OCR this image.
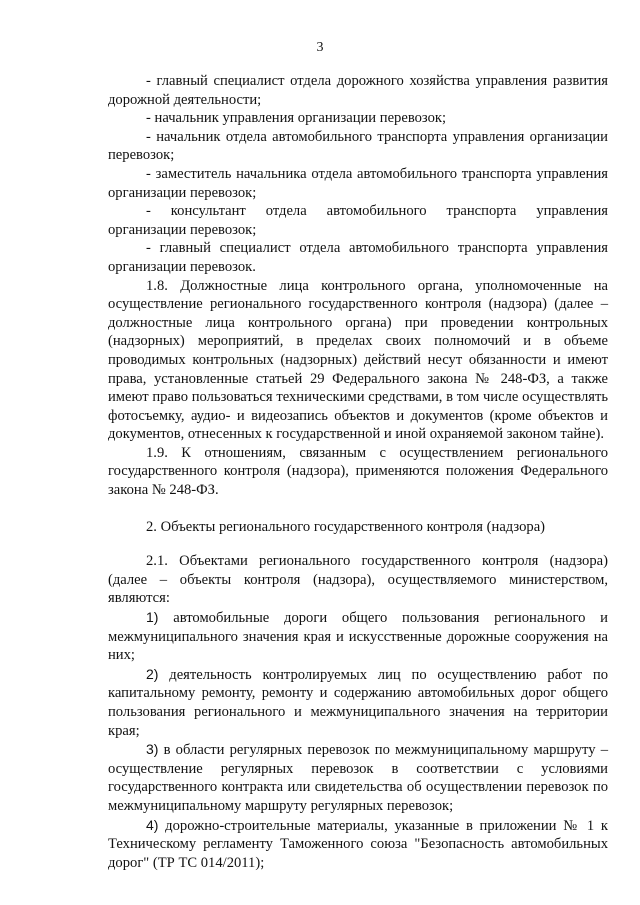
3

- главный специалист отдела дорожного хозяйства управления развития дорожной деятельности;

- начальник управления организации перевозок;

- начальник отдела автомобильного транспорта управления организации перевозок;

- заместитель начальника отдела автомобильного транспорта управления организации перевозок;

- консультант отдела автомобильного транспорта управления организации перевозок;

- главный специалист отдела автомобильного транспорта управления организации перевозок.

1.8. Должностные лица контрольного органа, уполномоченные на осуществление регионального государственного контроля (надзора) (далее – должностные лица контрольного органа) при проведении контрольных (надзорных) мероприятий, в пределах своих полномочий и в объеме проводимых контрольных (надзорных) действий несут обязанности и имеют права, установленные статьей 29 Федерального закона № 248-ФЗ, а также имеют право пользоваться техническими средствами, в том числе осуществлять фотосъемку, аудио- и видеозапись объектов и документов (кроме объектов и документов, отнесенных к государственной и иной охраняемой законом тайне).

1.9. К отношениям, связанным с осуществлением регионального государственного контроля (надзора), применяются положения Федерального закона № 248-ФЗ.

2. Объекты регионального государственного контроля (надзора)

2.1. Объектами регионального государственного контроля (надзора) (далее – объекты контроля (надзора), осуществляемого министерством, являются:

1) автомобильные дороги общего пользования регионального и межмуниципального значения края и искусственные дорожные сооружения на них;

2) деятельность контролируемых лиц по осуществлению работ по капитальному ремонту, ремонту и содержанию автомобильных дорог общего пользования регионального и межмуниципального значения на территории края;

3) в области регулярных перевозок по межмуниципальному маршруту – осуществление регулярных перевозок в соответствии с условиями государственного контракта или свидетельства об осуществлении перевозок по межмуниципальному маршруту регулярных перевозок;

4) дорожно-строительные материалы, указанные в приложении № 1 к Техническому регламенту Таможенного союза "Безопасность автомобильных дорог" (ТР ТС 014/2011);
